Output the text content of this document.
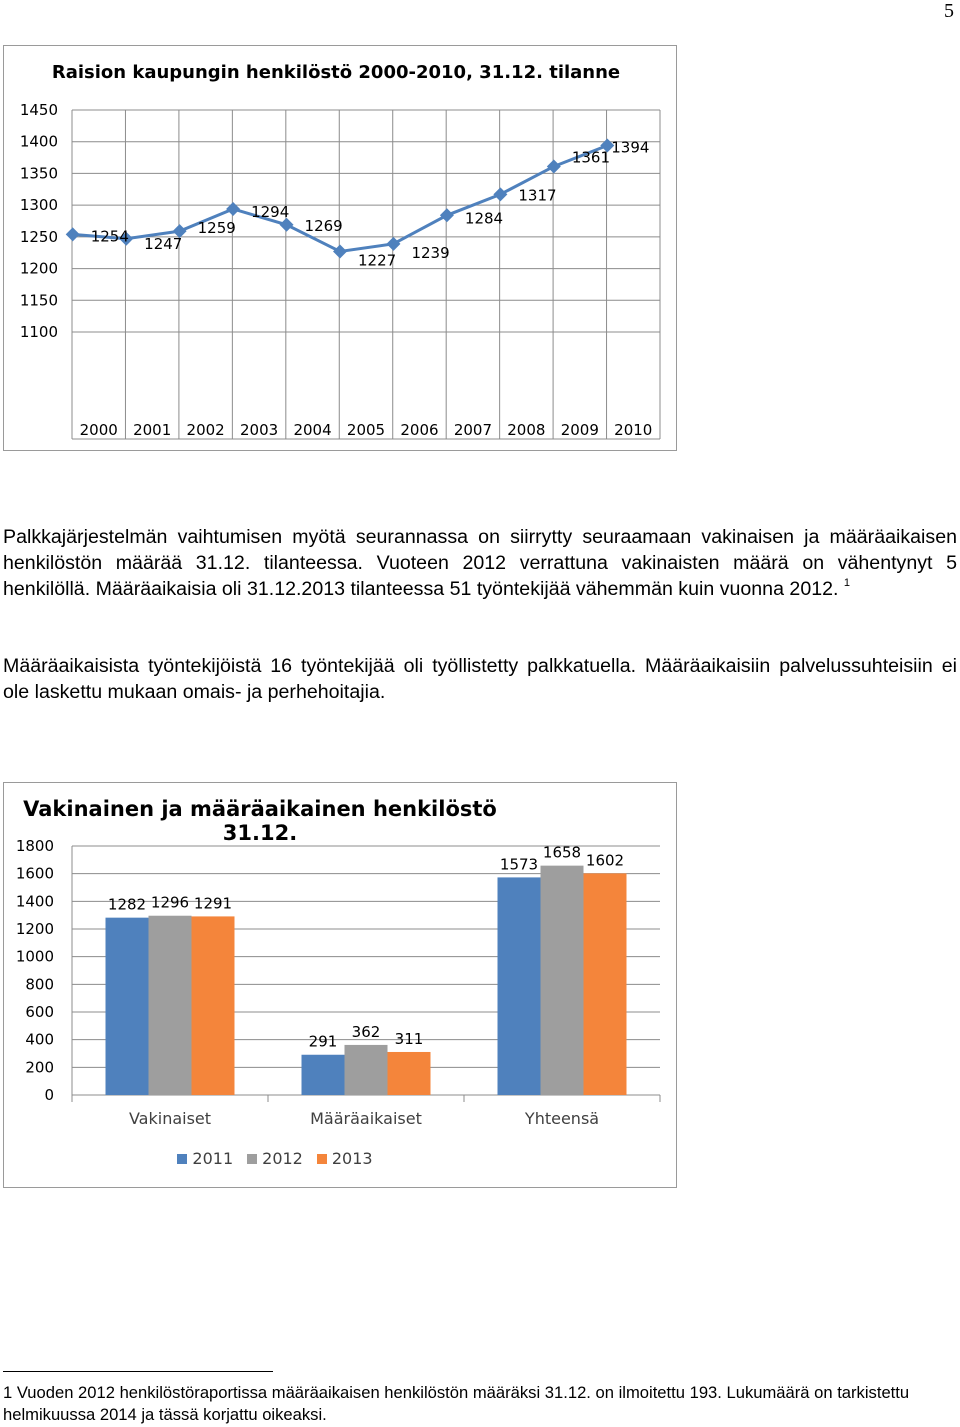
5
1100
1150
1200
1250
1300
1350
1400
1450
2000 2001 2002 2003 2004 2005 2006 2007 2008 2009 2010
1254 1247
1259
1294
1269
1227 1239
1284
1317
1361
1394
Raision kaupungin henkilöstö 2000-2010, 31.12. tilanne

Palkkajärjestelmän vaihtumisen myötä seurannassa on siirrytty seuraamaan vakinaisen ja määräaikaisen henkilöstön määrää 31.12. tilanteessa. Vuoteen 2012 verrattuna vakinaisten määrä on vähentynyt 5 henkilöllä. Määräaikaisia oli 31.12.2013 tilanteessa 51 työntekijää vähemmän kuin vuonna 2012. $^1$

Määräaikaisista työntekijöistä 16 työntekijää oli työllistetty palkkatuella. Määräaikaisiin palvelussuhteisiin ei ole laskettu mukaan omais- ja perhehoitajia.

0
200
400
600
800
1000
1200
1400
1600
1800
1282 1296 1291
Vakinaiset
291
362 311
Määräaikaiset
1573
1658 1602
Yhteensä
Vakinainen ja määräaikainen henkilöstö 31.12.
2011 2012 2013

1 Vuoden 2012 henkilöstöraportissa määräaikaisen henkilöstön määräksi 31.12. on ilmoitettu 193. Lukumäärä on tarkistettu helmikuussa 2014 ja tässä korjattu oikeaksi.
